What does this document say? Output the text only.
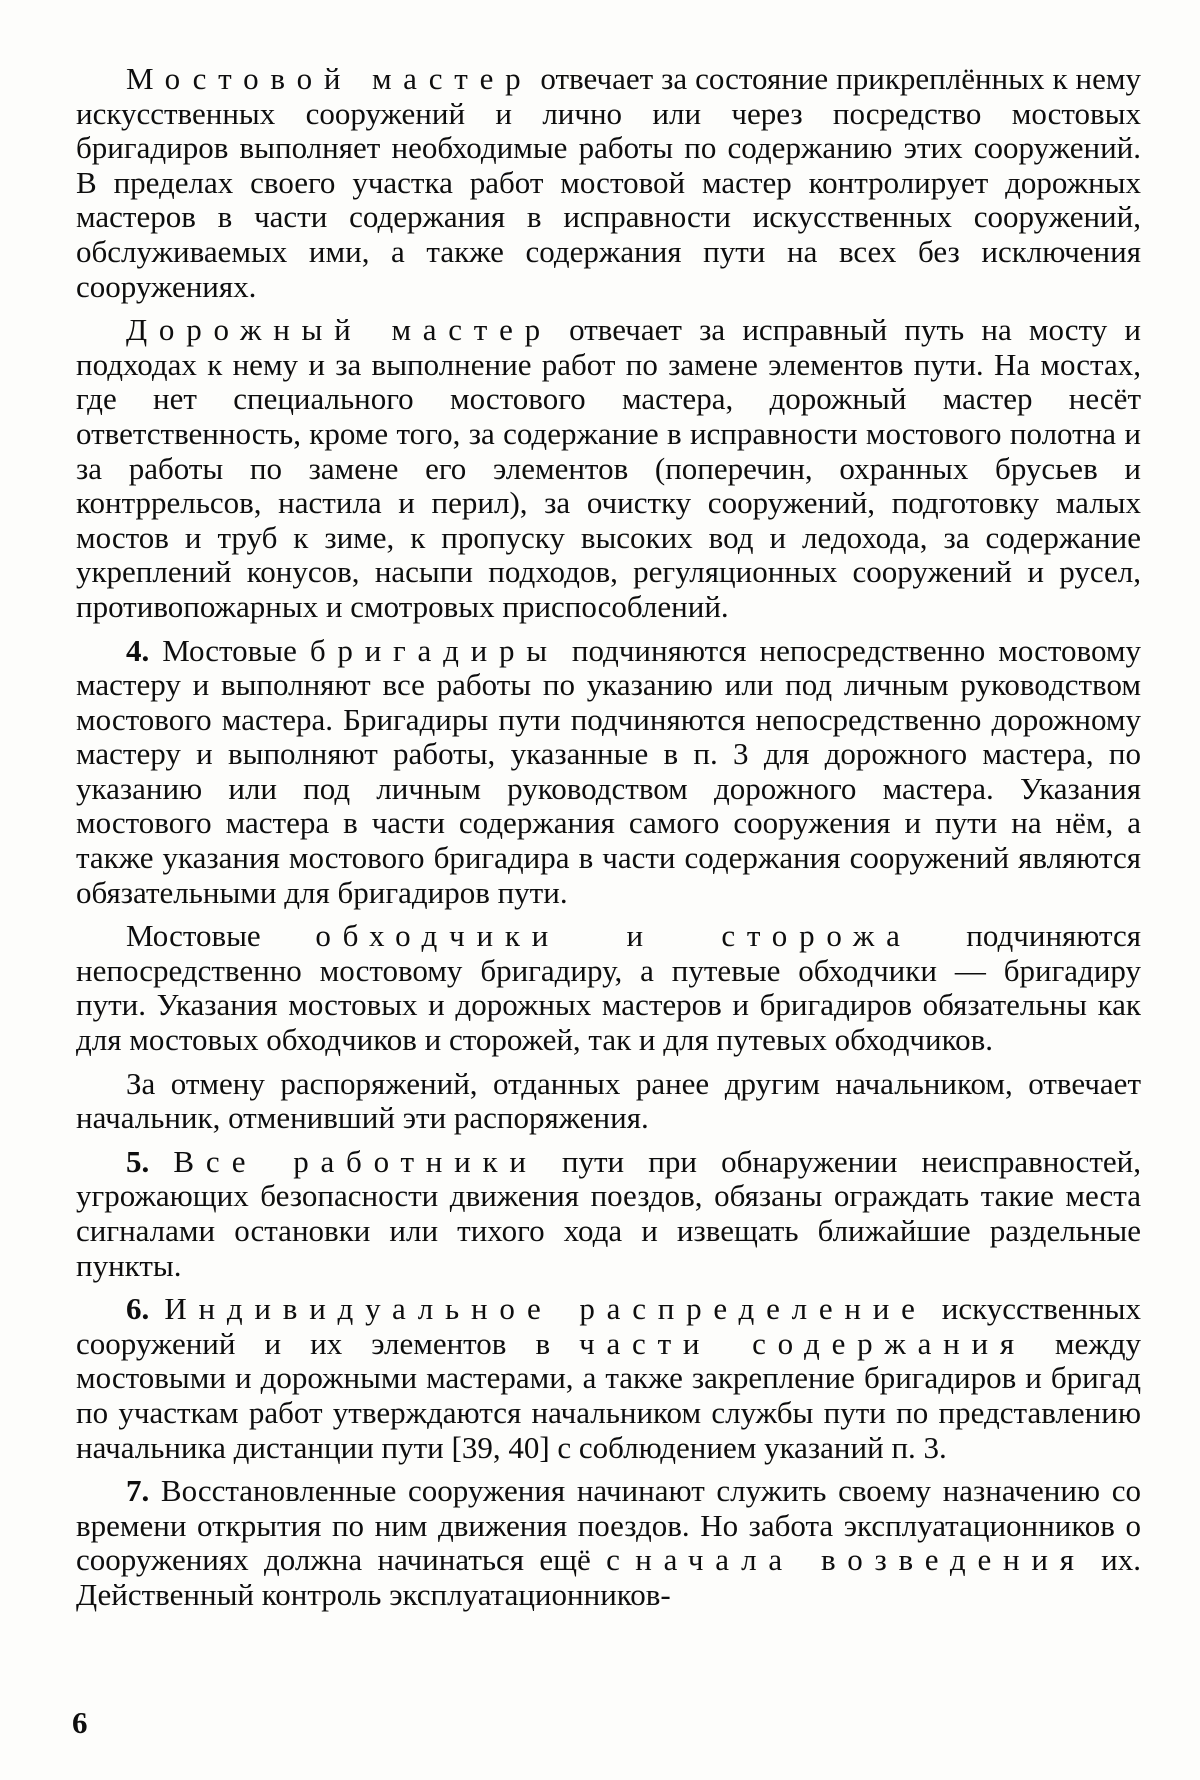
Мостовой мастер отвечает за состояние прикреплённых к нему искусственных сооружений и лично или через посредство мостовых бригадиров выполняет необходимые работы по содержанию этих сооружений. В пределах своего участка работ мостовой мастер контролирует дорожных мастеров в части содержания в исправности искусственных сооружений, обслуживаемых ими, а также содержания пути на всех без исключения сооружениях.

Дорожный мастер отвечает за исправный путь на мосту и подходах к нему и за выполнение работ по замене элементов пути. На мостах, где нет специального мостового мастера, дорожный мастер несёт ответственность, кроме того, за содержание в исправности мостового полотна и за работы по замене его элементов (поперечин, охранных брусьев и контррельсов, настила и перил), за очистку сооружений, подготовку малых мостов и труб к зиме, к пропуску высоких вод и ледохода, за содержание укреплений конусов, насыпи подходов, регуляционных сооружений и русел, противопожарных и смотровых приспособлений.

4. Мостовые бригадиры подчиняются непосредственно мостовому мастеру и выполняют все работы по указанию или под личным руководством мостового мастера. Бригадиры пути подчиняются непосредственно дорожному мастеру и выполняют работы, указанные в п. 3 для дорожного мастера, по указанию или под личным руководством дорожного мастера. Указания мостового мастера в части содержания самого сооружения и пути на нём, а также указания мостового бригадира в части содержания сооружений являются обязательными для бригадиров пути.

Мостовые обходчики и сторожа подчиняются непосредственно мостовому бригадиру, а путевые обходчики — бригадиру пути. Указания мостовых и дорожных мастеров и бригадиров обязательны как для мостовых обходчиков и сторожей, так и для путевых обходчиков.

За отмену распоряжений, отданных ранее другим начальником, отвечает начальник, отменивший эти распоряжения.

5. Все работники пути при обнаружении неисправностей, угрожающих безопасности движения поездов, обязаны ограждать такие места сигналами остановки или тихого хода и извещать ближайшие раздельные пункты.

6. Индивидуальное распределение искусственных сооружений и их элементов в части содержания между мостовыми и дорожными мастерами, а также закрепление бригадиров и бригад по участкам работ утверждаются начальником службы пути по представлению начальника дистанции пути [39, 40] с соблюдением указаний п. 3.

7. Восстановленные сооружения начинают служить своему назначению со времени открытия по ним движения поездов. Но забота эксплуатационников о сооружениях должна начинаться ещё с начала возведения их. Действенный контроль эксплуатационников-

6
